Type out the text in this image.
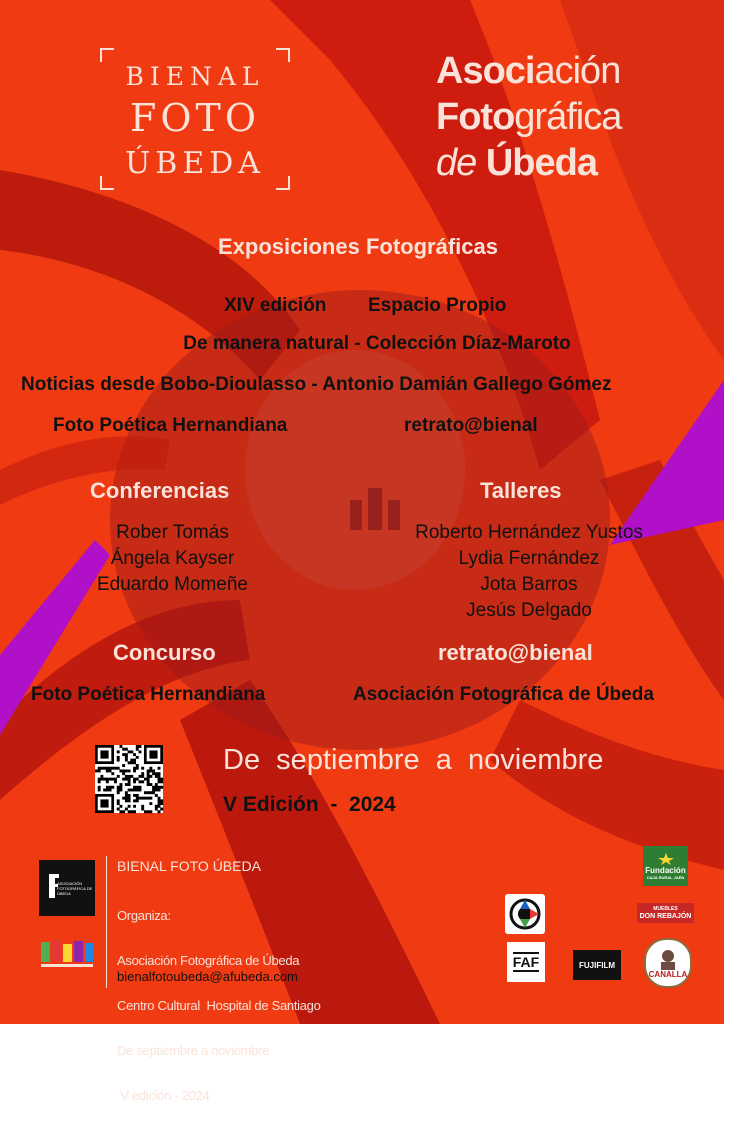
BIENAL
FOTO
ÚBEDA
Asociación
Fotográfica
de Úbeda
Exposiciones Fotográficas
XIV edición Espacio Propio
De manera natural - Colección Díaz-Maroto
Noticias desde Bobo-Dioulasso - Antonio Damián Gallego Gómez
Foto Poética Hernandiana	retrato@bienal
Conferencias
Rober Tomás
Ángela Kayser
Eduardo Momeñe
Talleres
Roberto Hernández Yustos
Lydia Fernández
Jota Barros
Jesús Delgado
Concurso
Foto Poética Hernandiana
retrato@bienal
Asociación Fotográfica de Úbeda
De  septiembre  a  noviembre
V Edición  -  2024
ASOCIACIÓN FOTOGRÁFICA DE ÚBEDA
BIENAL FOTO ÚBEDA

Organiza:

Asociación Fotográfica de Úbeda

Centro Cultural  Hospital de Santiago

De septiembre a noviembre

V edición - 2024

bienalfotoubeda@afubeda.com
Fundación
CAJA RURAL JAÉN
MUEBLES
DON REBAJÓN
FAF	FUJIFILM
CANALLA
